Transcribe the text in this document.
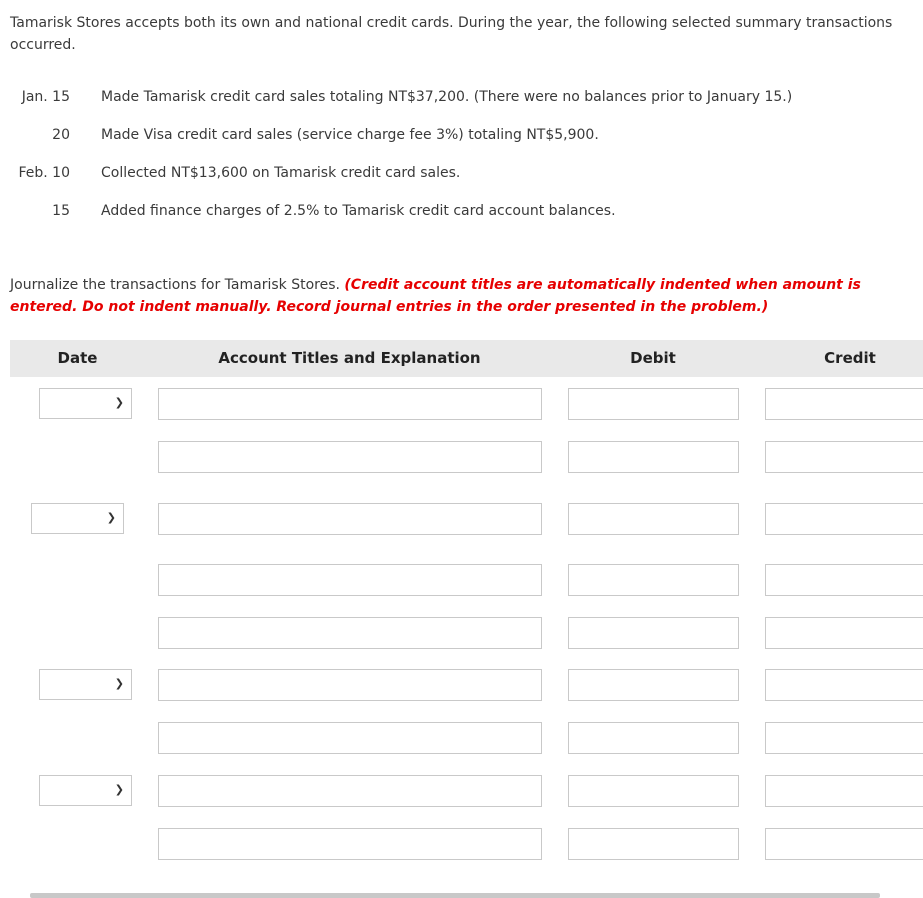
Tamarisk Stores accepts both its own and national credit cards. During the year, the following selected summary transactions occurred.
Jan. 15 Made Tamarisk credit card sales totaling NT$37,200. (There were no balances prior to January 15.)
20 Made Visa credit card sales (service charge fee 3%) totaling NT$5,900.
Feb. 10 Collected NT$13,600 on Tamarisk credit card sales.
15 Added finance charges of 2.5% to Tamarisk credit card account balances.
Journalize the transactions for Tamarisk Stores. (Credit account titles are automatically indented when amount is entered. Do not indent manually. Record journal entries in the order presented in the problem.)
Date	Account Titles and Explanation	Debit	Credit
❯
❯
❯
❯
